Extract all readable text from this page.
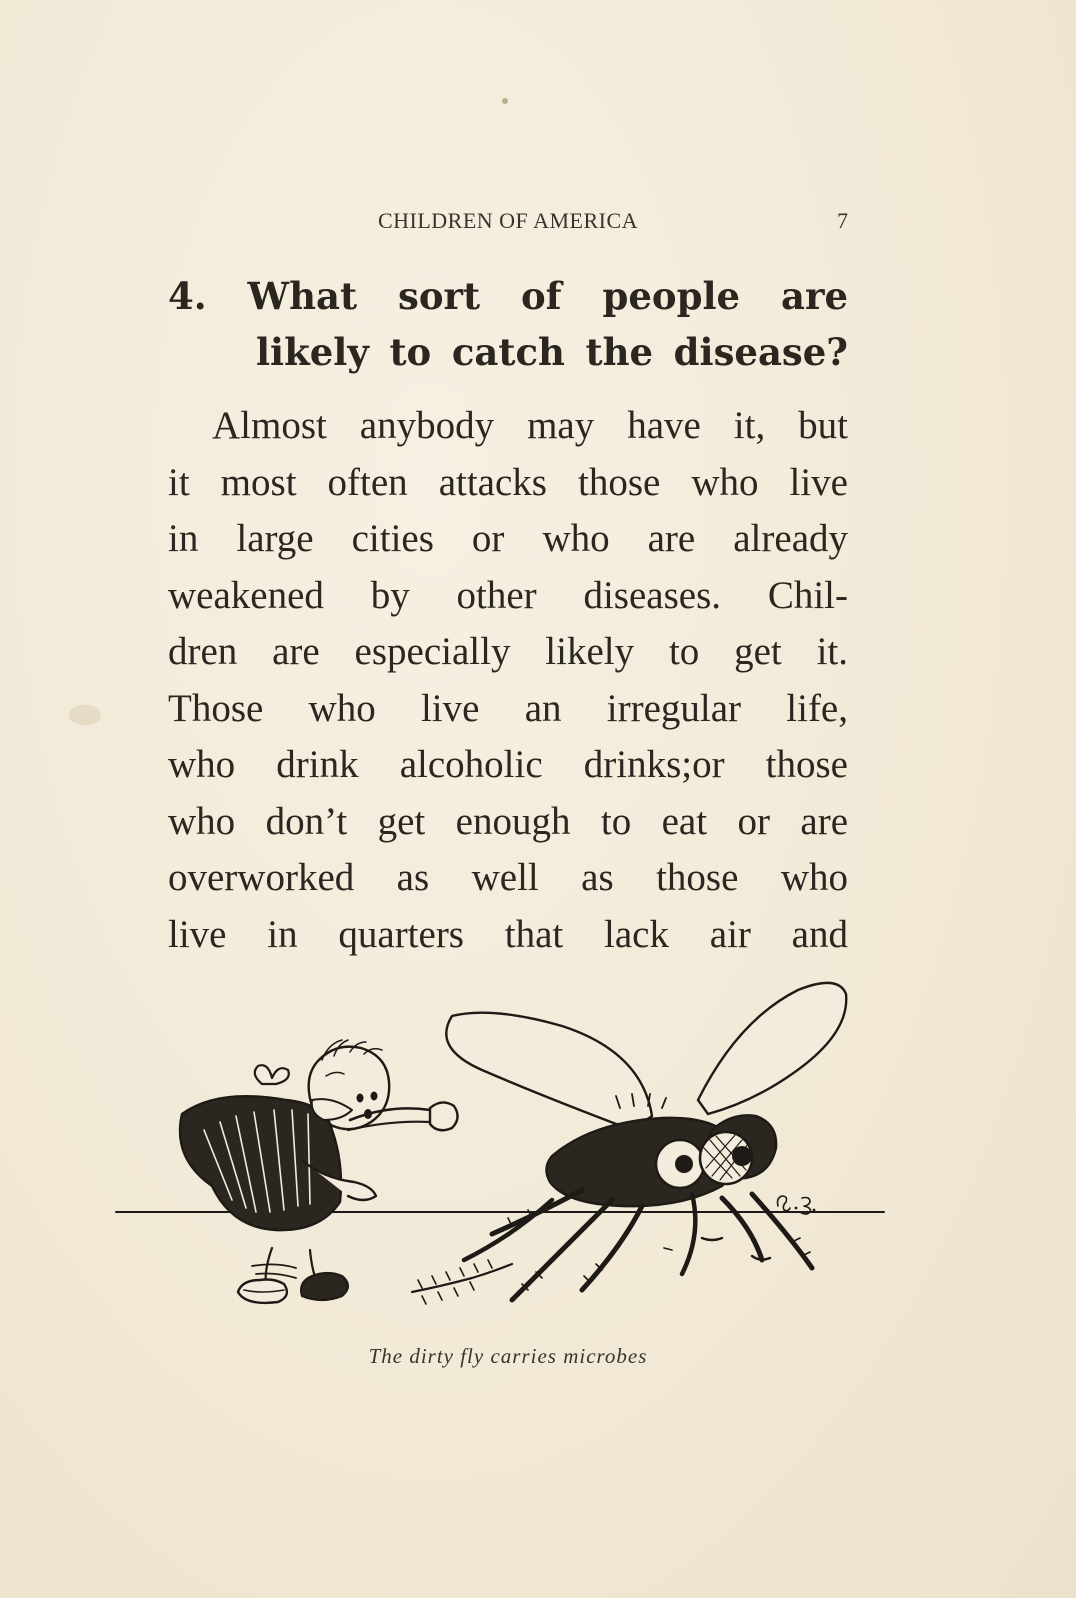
CHILDREN OF AMERICA	7
4. What sort of people are
likely to catch the disease?
Almost anybody may have it, but
it most often attacks those who live
in large cities or who are already
weakened by other diseases. Chil-
dren are especially likely to get it.
Those who live an irregular life,
who drink alcoholic drinks;or those
who don’t get enough to eat or are
overworked as well as those who
live in quarters that lack air and
The dirty fly carries microbes
